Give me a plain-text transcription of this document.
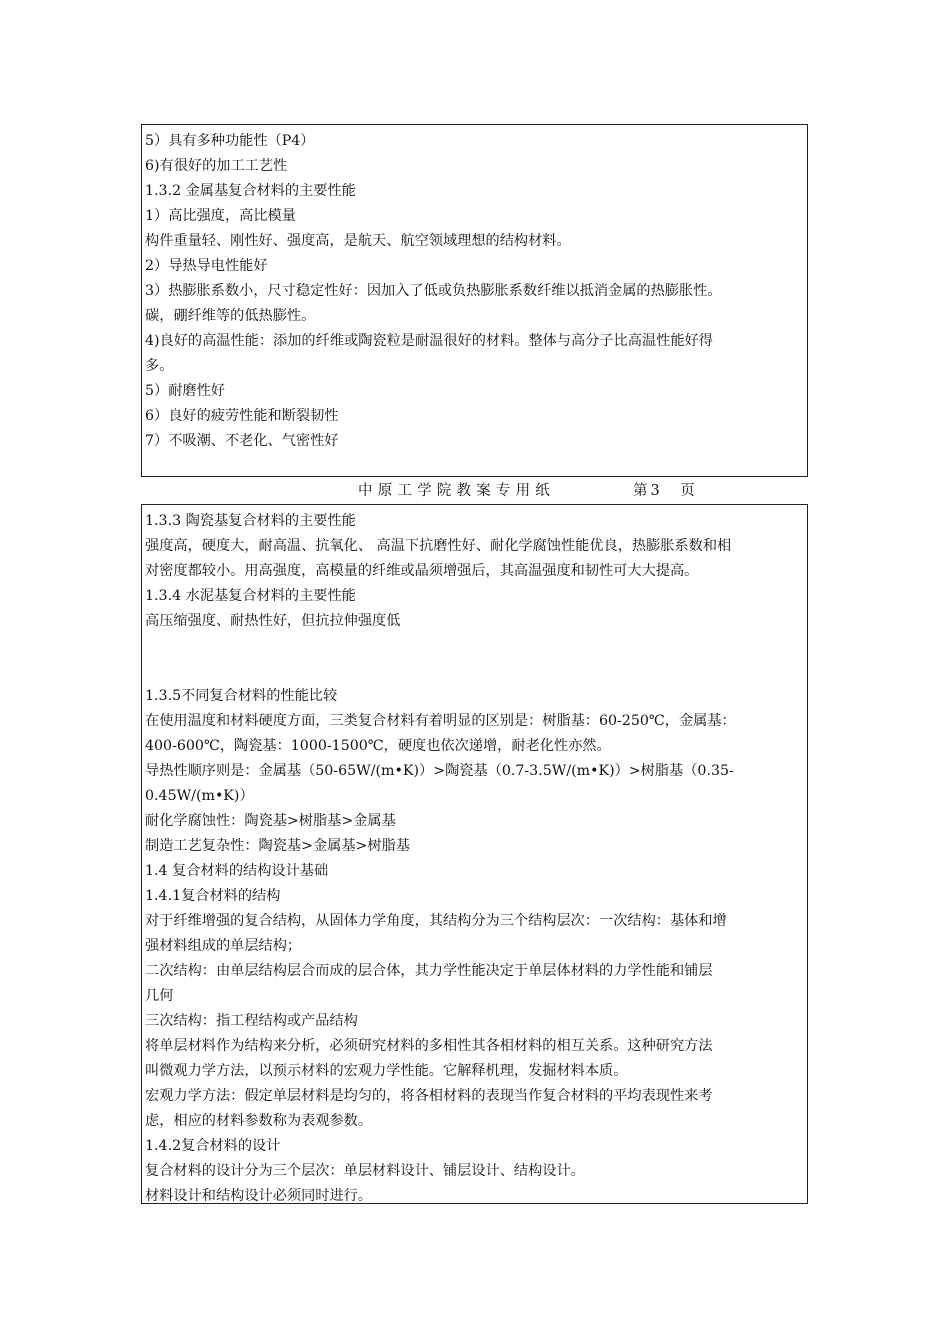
5）具有多种功能性（P4）
6)有很好的加工工艺性
1.3.2 金属基复合材料的主要性能
1）高比强度，高比模量
构件重量轻、刚性好、强度高，是航天、航空领域理想的结构材料。
2）导热导电性能好
3）热膨胀系数小，尺寸稳定性好：因加入了低或负热膨胀系数纤维以抵消金属的热膨胀性。
碳，硼纤维等的低热膨性。
4)良好的高温性能：添加的纤维或陶瓷粒是耐温很好的材料。整体与高分子比高温性能好得
多。
5）耐磨性好
6）良好的疲劳性能和断裂韧性
7）不吸潮、不老化、气密性好
中原工学院教案专用纸	第3　页
1.3.3 陶瓷基复合材料的主要性能
强度高，硬度大，耐高温、抗氧化、 高温下抗磨性好、耐化学腐蚀性能优良，热膨胀系数和相
对密度都较小。用高强度，高模量的纤维或晶须增强后，其高温强度和韧性可大大提高。
1.3.4 水泥基复合材料的主要性能
高压缩强度、耐热性好，但抗拉伸强度低
1.3.5不同复合材料的性能比较
在使用温度和材料硬度方面，三类复合材料有着明显的区别是：树脂基：60-250℃，金属基：
400-600℃，陶瓷基：1000-1500℃，硬度也依次递增，耐老化性亦然。
导热性顺序则是：金属基（50-65W/(m•K)）>陶瓷基（0.7-3.5W/(m•K)）>树脂基（0.35-
0.45W/(m•K)）
耐化学腐蚀性：陶瓷基>树脂基>金属基
制造工艺复杂性：陶瓷基>金属基>树脂基
1.4 复合材料的结构设计基础
1.4.1复合材料的结构
对于纤维增强的复合结构，从固体力学角度，其结构分为三个结构层次：一次结构：基体和增
强材料组成的单层结构；
二次结构：由单层结构层合而成的层合体，其力学性能决定于单层体材料的力学性能和铺层
几何
三次结构：指工程结构或产品结构
将单层材料作为结构来分析，必须研究材料的多相性其各相材料的相互关系。这种研究方法
叫微观力学方法，以预示材料的宏观力学性能。它解释机理，发掘材料本质。
宏观力学方法：假定单层材料是均匀的，将各相材料的表现当作复合材料的平均表现性来考
虑，相应的材料参数称为表观参数。
1.4.2复合材料的设计
复合材料的设计分为三个层次：单层材料设计、铺层设计、结构设计。
材料设计和结构设计必须同时进行。
